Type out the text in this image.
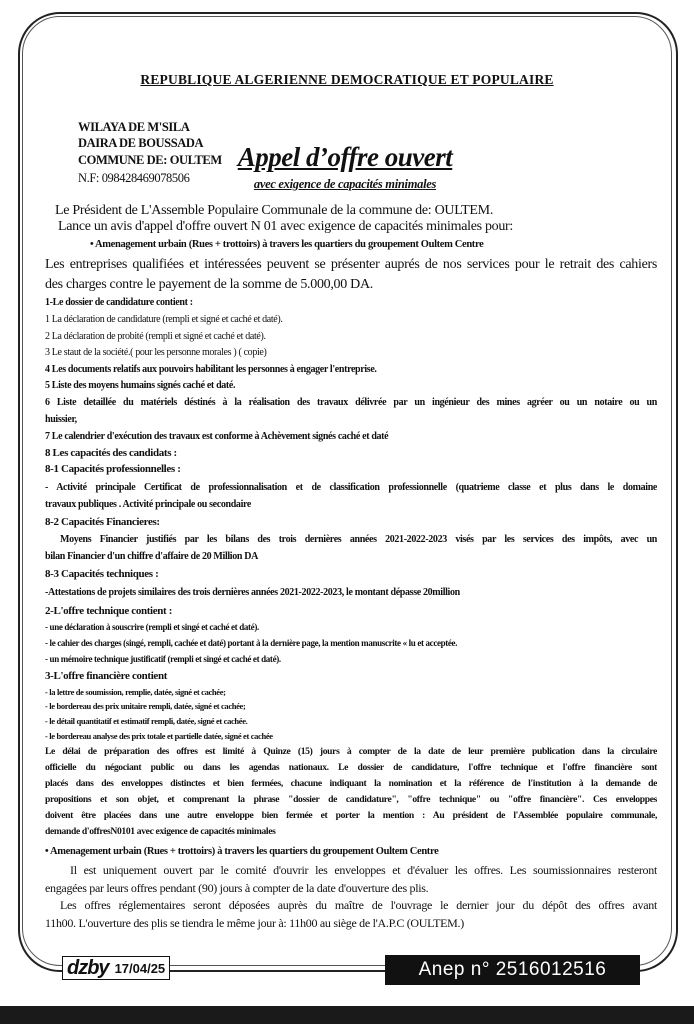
REPUBLIQUE ALGERIENNE DEMOCRATIQUE ET POPULAIRE
WILAYA DE M'SILA
DAIRA DE BOUSSADA
COMMUNE DE: OULTEM
N.F: 098428469078506
Appel d’offre ouvert
avec exigence de capacités minimales
Le Président de L'Assemble Populaire Communale de la commune de: OULTEM.
Lance un avis d'appel d'offre ouvert N 01 avec exigence de capacités minimales pour:
• Amenagement urbain (Rues + trottoirs) à travers les quartiers du groupement Oultem Centre
Les entreprises qualifiées et intéressées peuvent se présenter auprés de nos services pour le retrait des cahiers
des charges contre le payement de la somme de 5.000,00 DA.
1-Le dossier de candidature contient :
1 La déclaration de candidature (rempli et signé et caché et daté).
2 La déclaration de probité (rempli et signé et caché et daté).
3 Le staut de la société.( pour les personne morales ) ( copie)
4 Les documents relatifs aux pouvoirs habilitant les personnes à engager l'entreprise.
5 Liste des moyens humains signés caché et daté.
6 Liste detaillée du matériels déstinés à la réalisation des travaux délivrée par un ingénieur des mines agréer ou un notaire ou un
huissier,
7 Le calendrier d'exécution des travaux est conforme à Achèvement signés caché et daté
8 Les capacités des candidats :
8-1 Capacités professionnelles :
- Activité principale Certificat de professionnalisation et de classification professionnelle (quatrieme classe et plus dans le domaine
travaux publiques . Activité principale ou secondaire
8-2 Capacités Financieres:
Moyens Financier justifiés par les bilans des trois dernières années 2021-2022-2023 visés par les services des impôts, avec un
bilan Financier d'un chiffre d'affaire de 20 Million DA
8-3 Capacités techniques :
-Attestations de projets similaires des trois dernières années 2021-2022-2023, le montant dépasse 20million
2-L'offre technique contient :
- une déclaration à souscrire (rempli et singé et caché et daté).
- le cahier des charges (singé, rempli, cachée et daté) portant à la dernière page, la mention manuscrite « lu et acceptée.
- un mémoire technique justificatif (rempli et singé et caché et daté).
3-L'offre financière contient
- la lettre de soumission, remplie, datée, signé et cachée;
- le bordereau des prix unitaire rempli, datée, signé et cachée;
- le détail quantitatif et estimatif rempli, datée, signé et cachée.
- le bordereau analyse des prix totale et partielle datée, signé et cachée
Le délai de préparation des offres est limité à Quinze (15) jours à compter de la date de leur première publication dans la circulaire
officielle du négociant public ou dans les agendas nationaux. Le dossier de candidature, l'offre technique et l'offre financière sont
placés dans des enveloppes distinctes et bien fermées, chacune indiquant la nomination et la référence de l'institution à la demande de
propositions et son objet, et comprenant la phrase "dossier de candidature", "offre technique" ou "offre financière". Ces enveloppes
doivent être placées dans une autre enveloppe bien fermée et porter la mention : Au président de l'Assemblée populaire communale,
demande d'offresN0101 avec exigence de capacités minimales
• Amenagement urbain (Rues + trottoirs) à travers les quartiers du groupement Oultem Centre
Il est uniquement ouvert par le comité d'ouvrir les enveloppes et d'évaluer les offres. Les soumissionnaires resteront
engagées par leurs offres pendant (90) jours à compter de la date d'ouverture des plis.
Les offres réglementaires seront déposées auprès du maître de l'ouvrage le dernier jour du dépôt des offres avant
11h00. L'ouverture des plis se tiendra le même jour à: 11h00 au siège de l'A.P.C (OULTEM.)
dzby 17/04/25	Anep n° 2516012516
